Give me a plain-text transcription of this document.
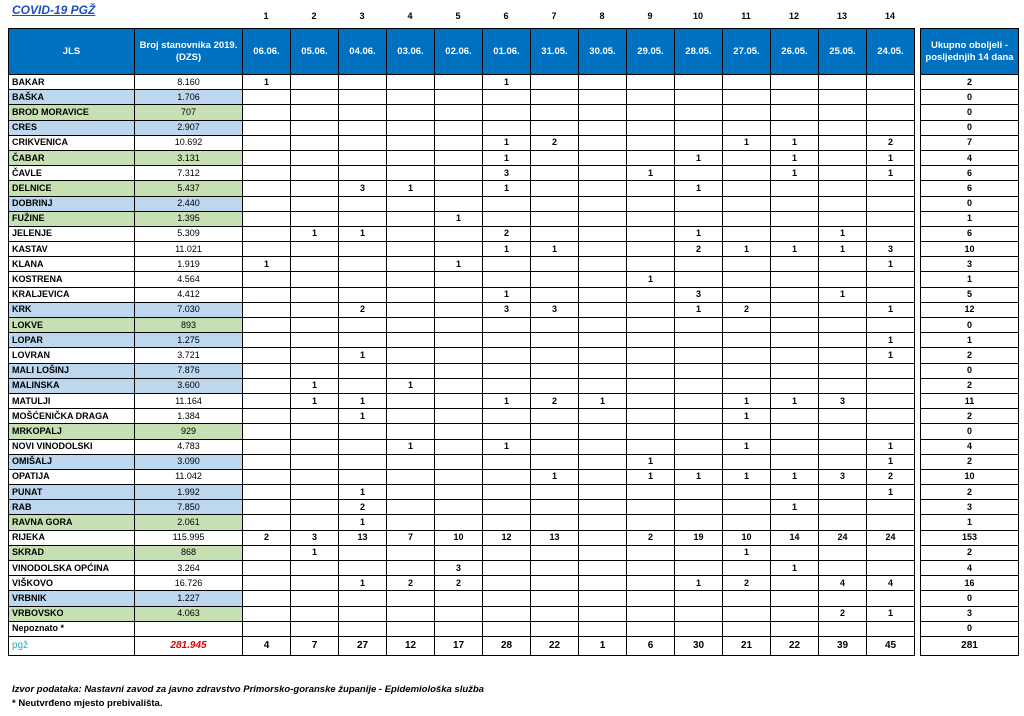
COVID-19 PGŽ	1	2	3	4	5	6	7	8	9	10	11	12	13	14
JLS	Broj stanovnika 2019. (DZS)	06.06.	05.06.	04.06.	03.06.	02.06.	01.06.	31.05.	30.05.	29.05.	28.05.	27.05.	26.05.	25.05.	24.05.		Ukupno oboljeli - posljednjih 14 dana
BAKAR	8.160	1					1										2
BAŠKA	1.706																0
BROD MORAVICE	707																0
CRES	2.907																0
CRIKVENICA	10.692						1	2				1	1		2		7
ČABAR	3.131						1				1		1		1		4
ČAVLE	7.312						3			1			1		1		6
DELNICE	5.437			3	1		1				1						6
DOBRINJ	2.440																0
FUŽINE	1.395					1											1
JELENJE	5.309		1	1			2				1			1			6
KASTAV	11.021						1	1			2	1	1	1	3		10
KLANA	1.919	1				1									1		3
KOSTRENA	4.564									1							1
KRALJEVICA	4.412						1				3			1			5
KRK	7.030			2			3	3			1	2			1		12
LOKVE	893																0
LOPAR	1.275														1		1
LOVRAN	3.721			1											1		2
MALI LOŠINJ	7.876																0
MALINSKA	3.600		1		1												2
MATULJI	11.164		1	1			1	2	1			1	1	3			11
MOŠĆENIČKA DRAGA	1.384			1								1					2
MRKOPALJ	929																0
NOVI VINODOLSKI	4.783				1		1					1			1		4
OMIŠALJ	3.090									1					1		2
OPATIJA	11.042							1		1	1	1	1	3	2		10
PUNAT	1.992			1											1		2
RAB	7.850			2									1				3
RAVNA GORA	2.061			1													1
RIJEKA	115.995	2	3	13	7	10	12	13		2	19	10	14	24	24		153
SKRAD	868		1									1					2
VINODOLSKA OPĆINA	3.264					3							1				4
VIŠKOVO	16.726			1	2	2					1	2		4	4		16
VRBNIK	1.227																0
VRBOVSKO	4.063													2	1		3
Nepoznato *																	0
pgž	281.945	4	7	27	12	17	28	22	1	6	30	21	22	39	45		281
Izvor podataka: Nastavni zavod za javno zdravstvo Primorsko-goranske županije - Epidemiološka služba
* Neutvrđeno mjesto prebivališta.
